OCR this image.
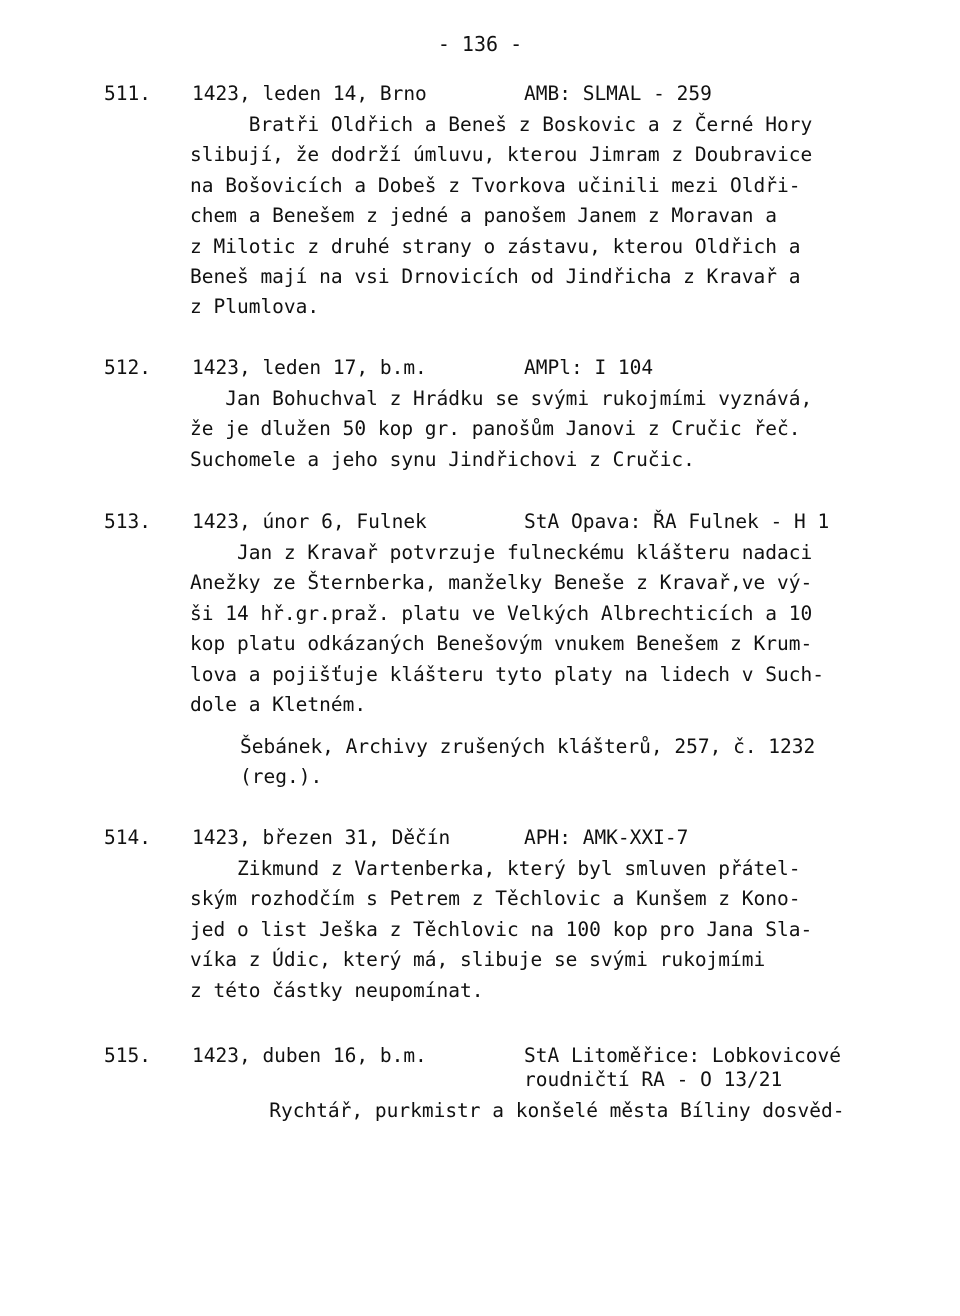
- 136 -
511. 1423, leden 14, Brno	AMB: SLMAL - 259
Bratři Oldřich a Beneš z Boskovic a z Černé Hory
slibují, že dodrží úmluvu, kterou Jimram z Doubravice
na Bošovicích a Dobeš z Tvorkova učinili mezi Oldři-
chem a Benešem z jedné a panošem Janem z Moravan a
z Milotic z druhé strany o zástavu, kterou Oldřich a
Beneš mají na vsi Drnovicích od Jindřicha z Kravař a
z Plumlova.
512. 1423, leden 17, b.m.	AMPl: I 104
Jan Bohuchval z Hrádku se svými rukojmími vyznává,
že je dlužen 50 kop gr. panošům Janovi z Cručic řeč.
Suchomele a jeho synu Jindřichovi z Cručic.
513. 1423, únor 6, Fulnek	StA Opava: ŘA Fulnek - H 1
Jan z Kravař potvrzuje fulneckému klášteru nadaci
Anežky ze Šternberka, manželky Beneše z Kravař,ve vý-
ši 14 hř.gr.praž. platu ve Velkých Albrechticích a 10
kop platu odkázaných Benešovým vnukem Benešem z Krum-
lova a pojišťuje klášteru tyto platy na lidech v Such-
dole a Kletném.
Šebánek, Archivy zrušených klášterů, 257, č. 1232
(reg.).
514. 1423, březen 31, Děčín	APH: AMK-XXI-7
Zikmund z Vartenberka, který byl smluven přátel-
ským rozhodčím s Petrem z Těchlovic a Kunšem z Kono-
jed o list Ješka z Těchlovic na 100 kop pro Jana Sla-
víka z Údic, který má, slibuje se svými rukojmími
z této částky neupomínat.
515. 1423, duben 16, b.m.	StA Litoměřice: Lobkovicové
roudničtí RA - O 13/21
Rychtář, purkmistr a konšelé města Bíliny dosvěd-
